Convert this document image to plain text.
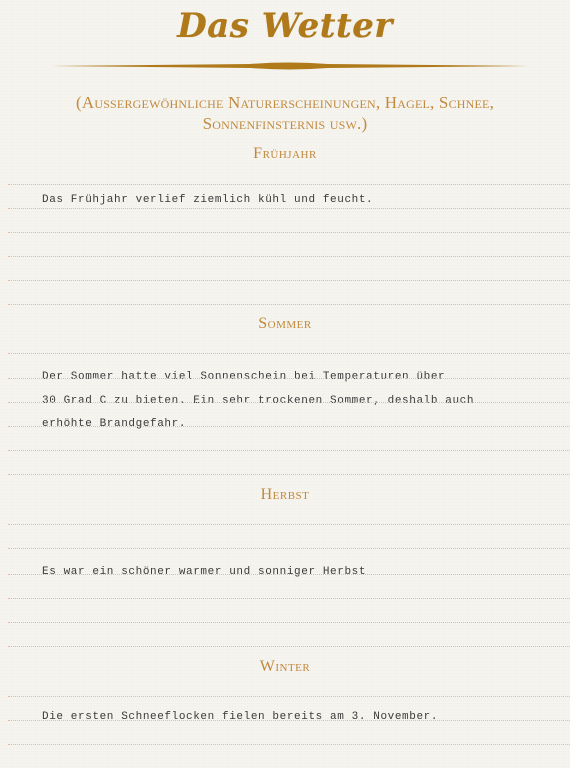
Das Wetter
(Aussergewöhnliche Naturerscheinungen, Hagel, Schnee,
Sonnenfinsternis usw.)
Frühjahr
Das Frühjahr verlief ziemlich kühl und feucht.
Sommer
Der Sommer hatte viel Sonnenschein bei Temperaturen über
30 Grad C zu bieten. Ein sehr trockenen Sommer, deshalb auch
erhöhte Brandgefahr.
Herbst
Es war ein schöner warmer und sonniger Herbst
Winter
Die ersten Schneeflocken fielen bereits am 3. November.
